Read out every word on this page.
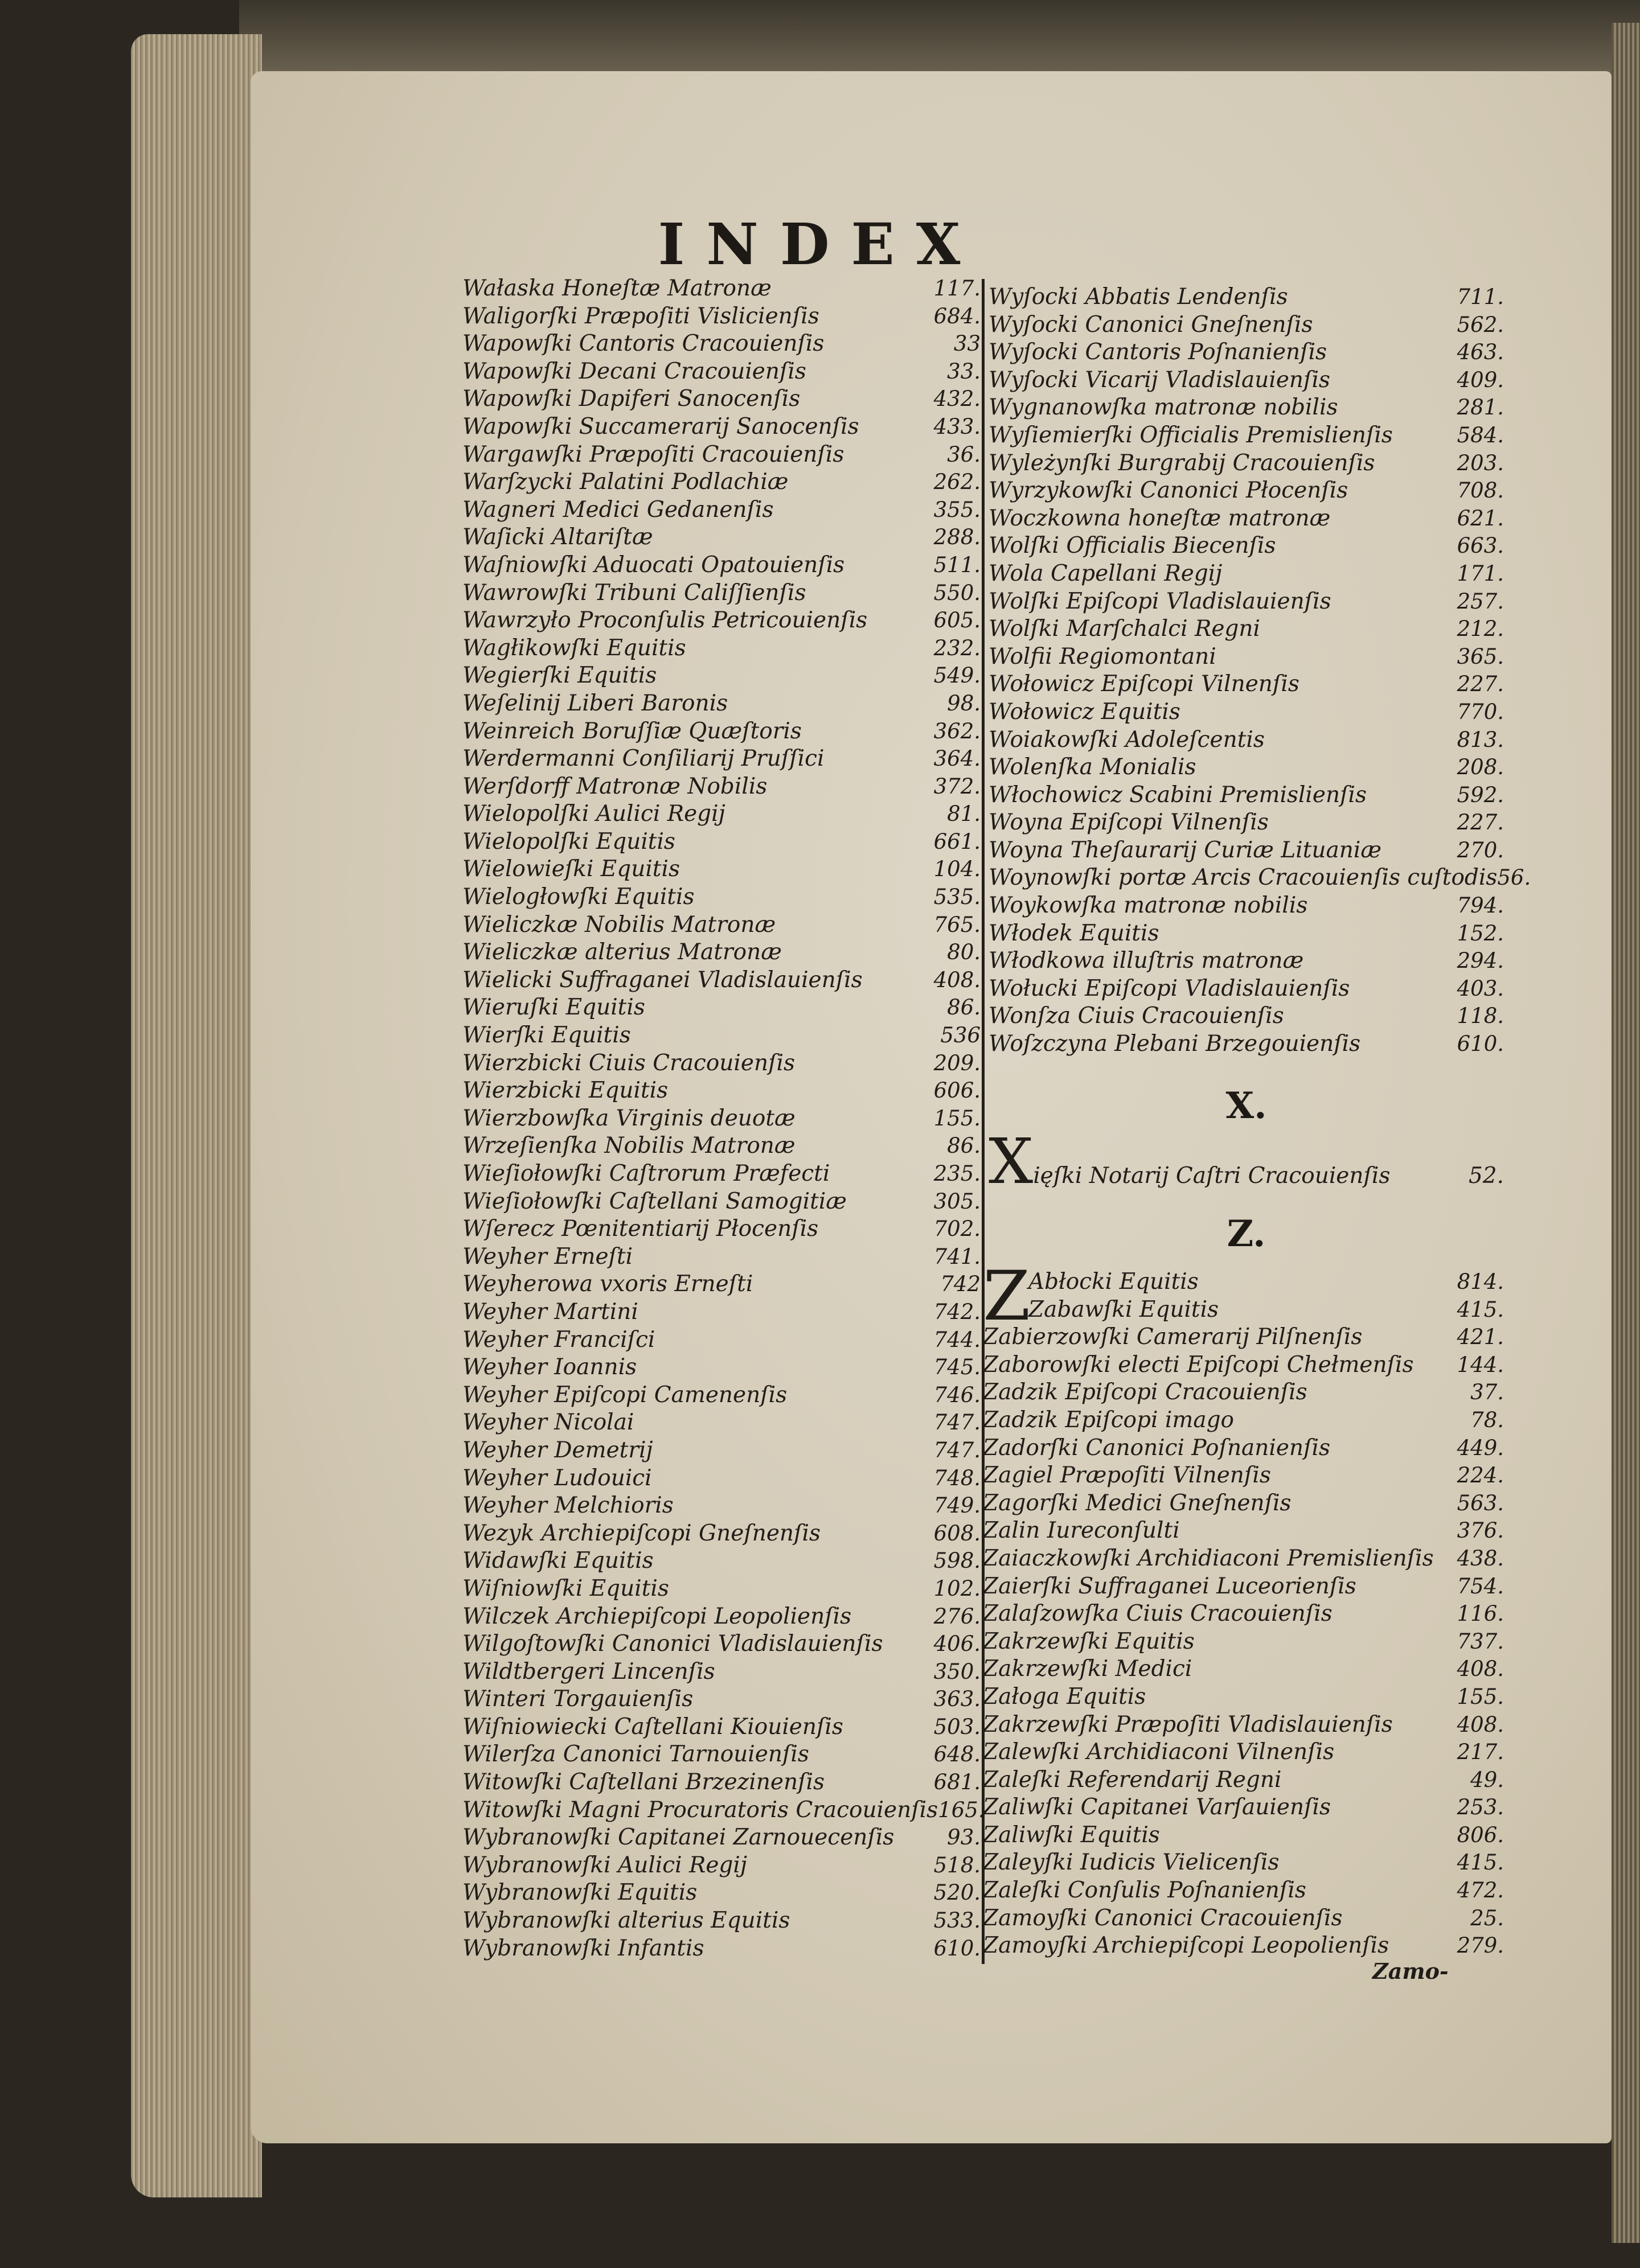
INDEX
Wałaska Honeſtæ Matronæ	117.
Waligorſki Præpoſiti Vislicienſis	684.
Wapowſki Cantoris Cracouienſis	33
Wapowſki Decani Cracouienſis	33.
Wapowſki Dapiferi Sanocenſis	432.
Wapowſki Succamerarij Sanocenſis	433.
Wargawſki Præpoſiti Cracouienſis	36.
Warſzycki Palatini Podlachiæ	262.
Wagneri Medici Gedanenſis	355.
Waſicki Altariſtæ	288.
Waſniowſki Aduocati Opatouienſis	511.
Wawrowſki Tribuni Caliſſienſis	550.
Wawrzyło Proconſulis Petricouienſis	605.
Wagłikowſki Equitis	232.
Wegierſki Equitis	549.
Weſelinij Liberi Baronis	98.
Weinreich Boruſſiæ Quæſtoris	362.
Werdermanni Conſiliarij Pruſſici	364.
Werſdorff Matronæ Nobilis	372.
Wielopolſki Aulici Regij	81.
Wielopolſki Equitis	661.
Wielowieſki Equitis	104.
Wielogłowſki Equitis	535.
Wieliczkæ Nobilis Matronæ	765.
Wieliczkæ alterius Matronæ	80.
Wielicki Suffraganei Vladislauienſis	408.
Wieruſki Equitis	86.
Wierſki Equitis	536
Wierzbicki Ciuis Cracouienſis	209.
Wierzbicki Equitis	606.
Wierzbowſka Virginis deuotæ	155.
Wrzeſienſka Nobilis Matronæ	86.
Wieſiołowſki Caſtrorum Præfecti	235.
Wieſiołowſki Caſtellani Samogitiæ	305.
Wſerecz Pœnitentiarij Płocenſis	702.
Weyher Erneſti	741.
Weyherowa vxoris Erneſti	742
Weyher Martini	742.
Weyher Franciſci	744.
Weyher Ioannis	745.
Weyher Epiſcopi Camenenſis	746.
Weyher Nicolai	747.
Weyher Demetrij	747.
Weyher Ludouici	748.
Weyher Melchioris	749.
Wezyk Archiepiſcopi Gneſnenſis	608.
Widawſki Equitis	598.
Wiſniowſki Equitis	102.
Wilczek Archiepiſcopi Leopolienſis	276.
Wilgoſtowſki Canonici Vladislauienſis 406.
Wildtbergeri Lincenſis	350.
Winteri Torgauienſis	363.
Wiſniowiecki Caſtellani Kiouienſis	503.
Wilerſza Canonici Tarnouienſis	648.
Witowſki Caſtellani Brzezinenſis	681.
Witowſki Magni Procuratoris Cracouienſis 165.
Wybranowſki Capitanei Zarnouecenſis	93.
Wybranowſki Aulici Regij	518.
Wybranowſki Equitis	520.
Wybranowſki alterius Equitis	533.
Wybranowſki Infantis	610.
Wyſocki Abbatis Lendenſis	711.
Wyſocki Canonici Gneſnenſis	562.
Wyſocki Cantoris Poſnanienſis	463.
Wyſocki Vicarij Vladislauienſis	409.
Wygnanowſka matronæ nobilis	281.
Wyſiemierſki Officialis Premislienſis	584.
Wyleżynſki Burgrabij Cracouienſis	203.
Wyrzykowſki Canonici Płocenſis	708.
Woczkowna honeſtæ matronæ	621.
Wolſki Officialis Biecenſis	663.
Wola Capellani Regij	171.
Wolſki Epiſcopi Vladislauienſis	257.
Wolſki Marſchalci Regni	212.
Wolfii Regiomontani	365.
Wołowicz Epiſcopi Vilnenſis	227.
Wołowicz Equitis	770.
Woiakowſki Adoleſcentis	813.
Wolenſka Monialis	208.
Włochowicz Scabini Premislienſis	592.
Woyna Epiſcopi Vilnenſis	227.
Woyna Theſaurarij Curiæ Lituaniæ	270.
Woynowſki portæ Arcis Cracouienſis cuſtodis 56.
Woykowſka matronæ nobilis	794.
Włodek Equitis	152.
Włodkowa illuſtris matronæ	294.
Wołucki Epiſcopi Vladislauienſis	403.
Wonſza Ciuis Cracouienſis	118.
Woſzczyna Plebani Brzegouienſis	610.
X.
Xięſki Notarij Caſtri Cracouienſis	52.
Z.
Z
Abłocki Equitis	814.
Zabawſki Equitis	415.
Zabierzowſki Camerarij Pilſnenſis	421.
Zaborowſki electi Epiſcopi Chełmenſis 144.
Zadzik Epiſcopi Cracouienſis	37.
Zadzik Epiſcopi imago	78.
Zadorſki Canonici Poſnanienſis	449.
Zagiel Præpoſiti Vilnenſis	224.
Zagorſki Medici Gneſnenſis	563.
Zalin Iureconſulti	376.
Zaiaczkowſki Archidiaconi Premislienſis 438.
Zaierſki Suffraganei Luceorienſis	754.
Zalaſzowſka Ciuis Cracouienſis	116.
Zakrzewſki Equitis	737.
Zakrzewſki Medici	408.
Załoga Equitis	155.
Zakrzewſki Præpoſiti Vladislauienſis	408.
Zalewſki Archidiaconi Vilnenſis	217.
Zaleſki Referendarij Regni	49.
Zaliwſki Capitanei Varſauienſis	253.
Zaliwſki Equitis	806.
Zaleyſki Iudicis Vielicenſis	415.
Zaleſki Conſulis Poſnanienſis	472.
Zamoyſki Canonici Cracouienſis	25.
Zamoyſki Archiepiſcopi Leopolienſis	279.
Zamo-
